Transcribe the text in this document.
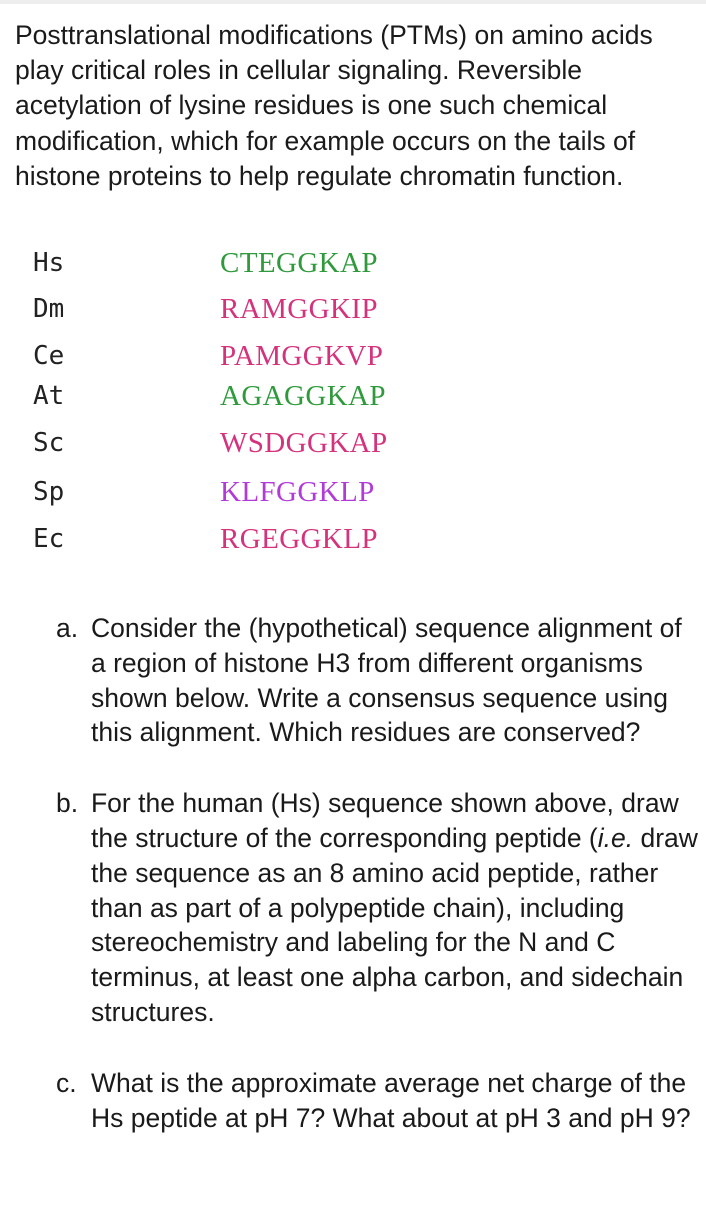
Posttranslational modifications (PTMs) on amino acids play critical roles in cellular signaling. Reversible acetylation of lysine residues is one such chemical modification, which for example occurs on the tails of histone proteins to help regulate chromatin function.

Hs	CTEGGKAP
Dm	RAMGGKIP
Ce	PAMGGKVP
At	AGAGGKAP
Sc	WSDGGKAP
Sp	KLFGGKLP
Ec	RGEGGKLP
a. Consider the (hypothetical) sequence alignment of a region of histone H3 from different organisms shown below. Write a consensus sequence using this alignment. Which residues are conserved?
b. For the human (Hs) sequence shown above, draw the structure of the corresponding peptide (i.e. draw the sequence as an 8 amino acid peptide, rather than as part of a polypeptide chain), including stereochemistry and labeling for the N and C terminus, at least one alpha carbon, and sidechain structures.
c. What is the approximate average net charge of the Hs peptide at pH 7? What about at pH 3 and pH 9?
